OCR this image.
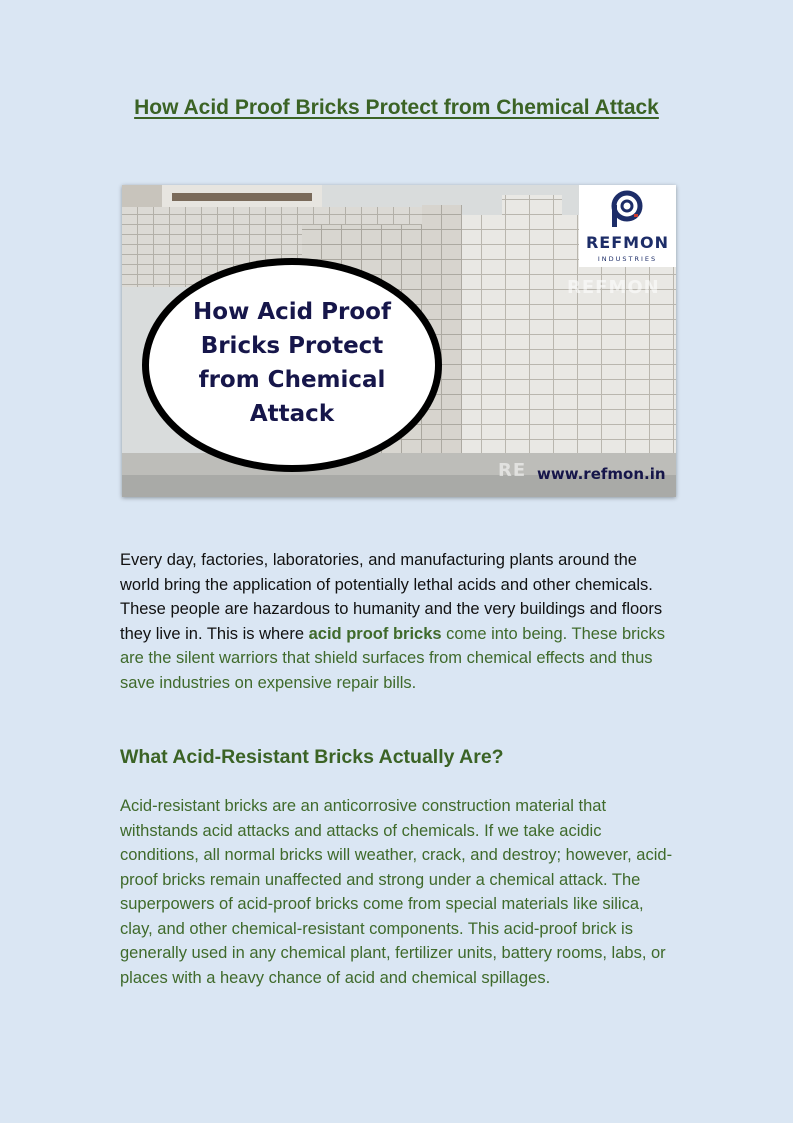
How Acid Proof Bricks Protect from Chemical Attack
How Acid Proof
Bricks Protect
from Chemical
Attack
REFMON
RE
REFMON
INDUSTRIES
www.refmon.in

Every day, factories, laboratories, and manufacturing plants around the world bring the application of potentially lethal acids and other chemicals. These people are hazardous to humanity and the very buildings and floors they live in. This is where acid proof bricks come into being. These bricks are the silent warriors that shield surfaces from chemical effects and thus save industries on expensive repair bills.

What Acid-Resistant Bricks Actually Are?

Acid-resistant bricks are an anticorrosive construction material that withstands acid attacks and attacks of chemicals. If we take acidic conditions, all normal bricks will weather, crack, and destroy; however, acid-proof bricks remain unaffected and strong under a chemical attack. The superpowers of acid-proof bricks come from special materials like silica, clay, and other chemical-resistant components. This acid-proof brick is generally used in any chemical plant, fertilizer units, battery rooms, labs, or places with a heavy chance of acid and chemical spillages.
